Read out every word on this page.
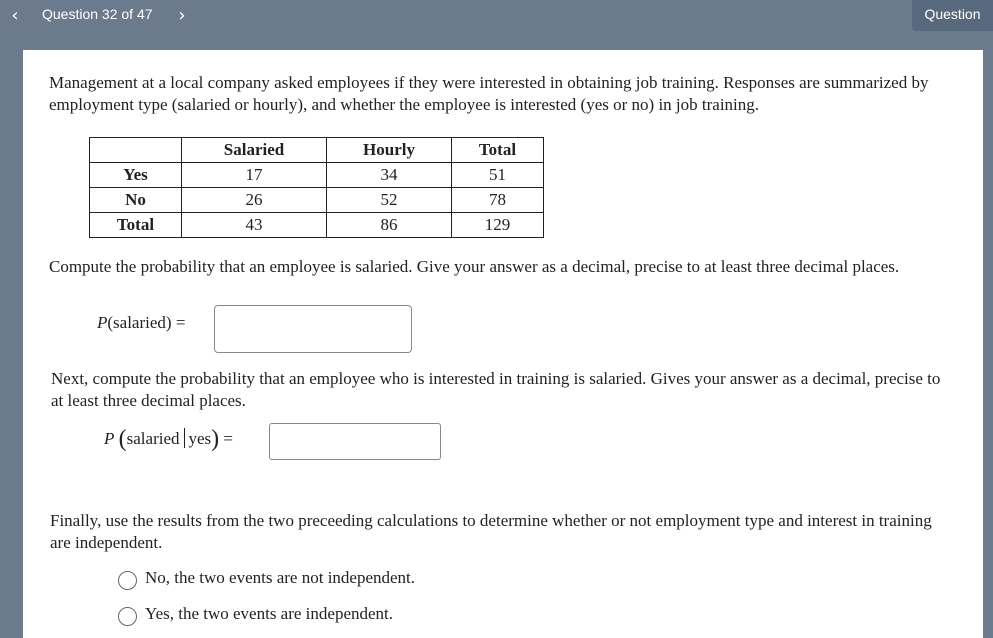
‹	Question 32 of 47	›	Question

Management at a local company asked employees if they were interested in obtaining job training. Responses are summarized by employment type (salaried or hourly), and whether the employee is interested (yes or no) in job training.

	Salaried	Hourly	Total
Yes	17	34	51
No	26	52	78
Total	43	86	129

Compute the probability that an employee is salaried. Give your answer as a decimal, precise to at least three decimal places.

P(salaried) =

Next, compute the probability that an employee who is interested in training is salaried. Gives your answer as a decimal, precise to at least three decimal places.

P (salaried yes) =

Finally, use the results from the two preceeding calculations to determine whether or not employment type and interest in training are independent.

No, the two events are not independent.
Yes, the two events are independent.
